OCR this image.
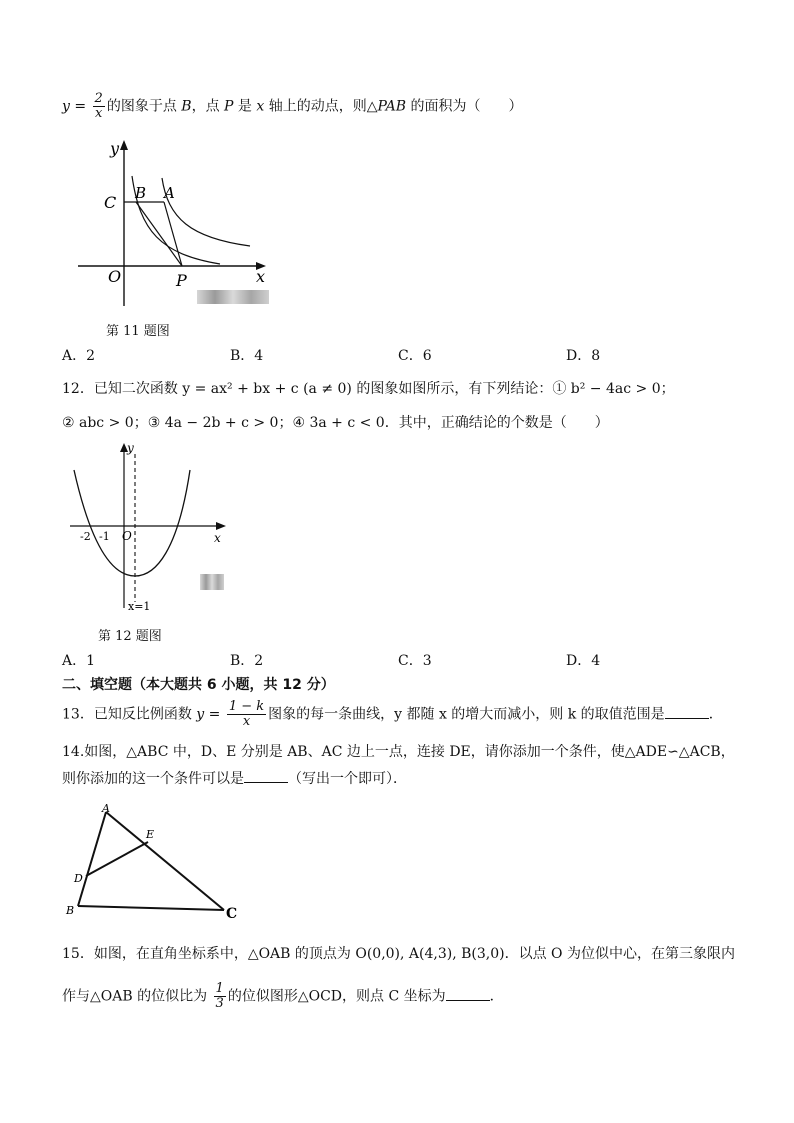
$y = \frac{2}{x}$ 的图象于点 B，点 P 是 x 轴上的动点，则△PAB 的面积为（　　）
y
x
C B A
O	P
第 11 题图
A．2	B．4	C．6	D．8
12．已知二次函数 y = ax² + bx + c (a ≠ 0) 的图象如图所示，有下列结论：① b² − 4ac > 0；
② abc > 0；③ 4a − 2b + c > 0；④ 3a + c < 0．其中，正确结论的个数是（　　）
y
x
-2 -1 O
x=1
第 12 题图
A．1	B．2	C．3	D．4
二、填空题（本大题共 6 小题，共 12 分）
13．已知反比例函数 $y = \frac{1 - k}{x}$ 图象的每一条曲线，y 都随 x 的增大而减小，则 k 的取值范围是	．
14.如图，△ABC 中，D、E 分别是 AB、AC 边上一点，连接 DE，请你添加一个条件，使△ADE∽△ACB，
则你添加的这一个条件可以是	（写出一个即可）．
A
E
D
B	C
15．如图，在直角坐标系中，△OAB 的顶点为 O(0,0), A(4,3), B(3,0)．以点 O 为位似中心，在第三象限内
作与△OAB 的位似比为 $\frac{1}{3}$ 的位似图形△OCD，则点 C 坐标为	．
